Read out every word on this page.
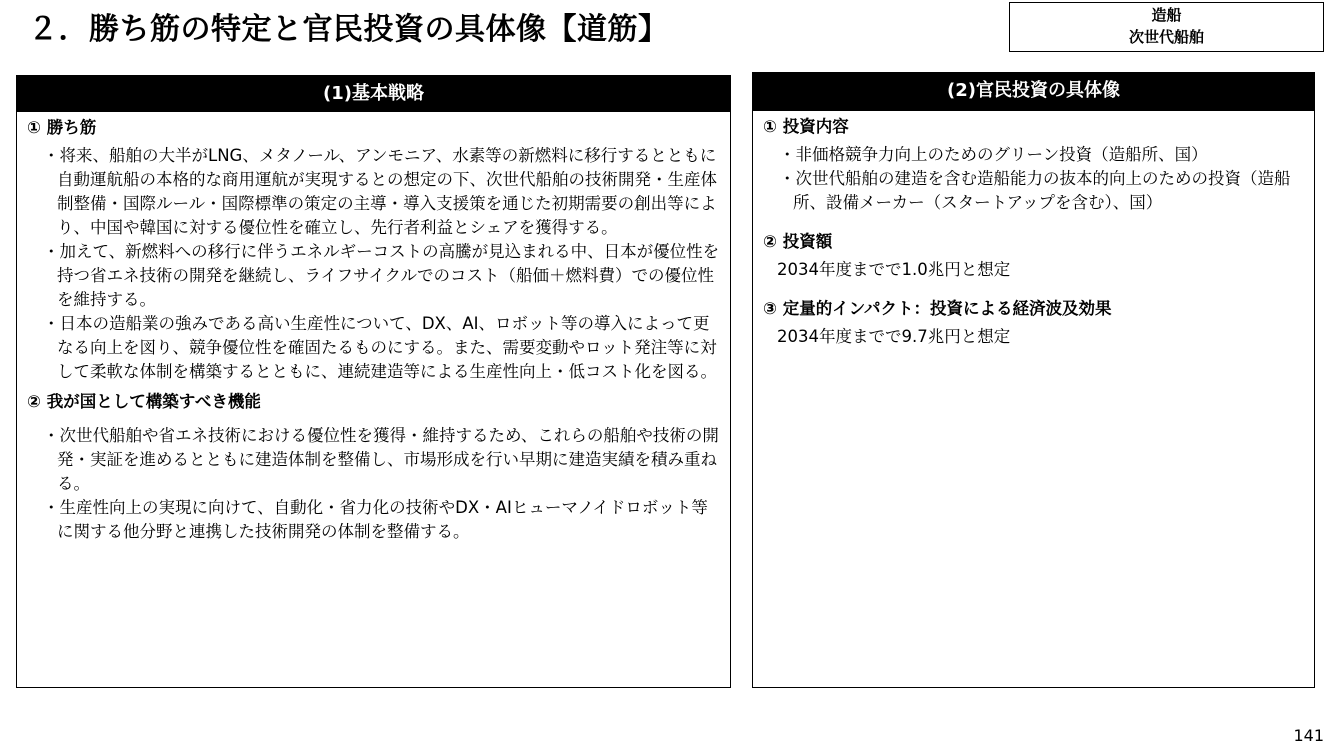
２．勝ち筋の特定と官民投資の具体像【道筋】	造船
次世代船舶
(1)基本戦略
① 勝ち筋
・将来、船舶の大半がLNG、メタノール、アンモニア、水素等の新燃料に移行するとともに自動運航船の本格的な商用運航が実現するとの想定の下、次世代船舶の技術開発・生産体制整備・国際ルール・国際標準の策定の主導・導入支援策を通じた初期需要の創出等により、中国や韓国に対する優位性を確立し、先行者利益とシェアを獲得する。
・加えて、新燃料への移行に伴うエネルギーコストの高騰が見込まれる中、日本が優位性を持つ省エネ技術の開発を継続し、ライフサイクルでのコスト（船価＋燃料費）での優位性を維持する。
・日本の造船業の強みである高い生産性について、DX、AI、ロボット等の導入によって更なる向上を図り、競争優位性を確固たるものにする。また、需要変動やロット発注等に対して柔軟な体制を構築するとともに、連続建造等による生産性向上・低コスト化を図る。
② 我が国として構築すべき機能
・次世代船舶や省エネ技術における優位性を獲得・維持するため、これらの船舶や技術の開発・実証を進めるとともに建造体制を整備し、市場形成を行い早期に建造実績を積み重ねる。
・生産性向上の実現に向けて、自動化・省力化の技術やDX・AIヒューマノイドロボット等に関する他分野と連携した技術開発の体制を整備する。
(2)官民投資の具体像
① 投資内容
・非価格競争力向上のためのグリーン投資（造船所、国）
・次世代船舶の建造を含む造船能力の抜本的向上のための投資（造船所、設備メーカー（スタートアップを含む）、国）
② 投資額
2034年度までで1.0兆円と想定
③ 定量的インパクト：投資による経済波及効果
2034年度までで9.7兆円と想定
141
